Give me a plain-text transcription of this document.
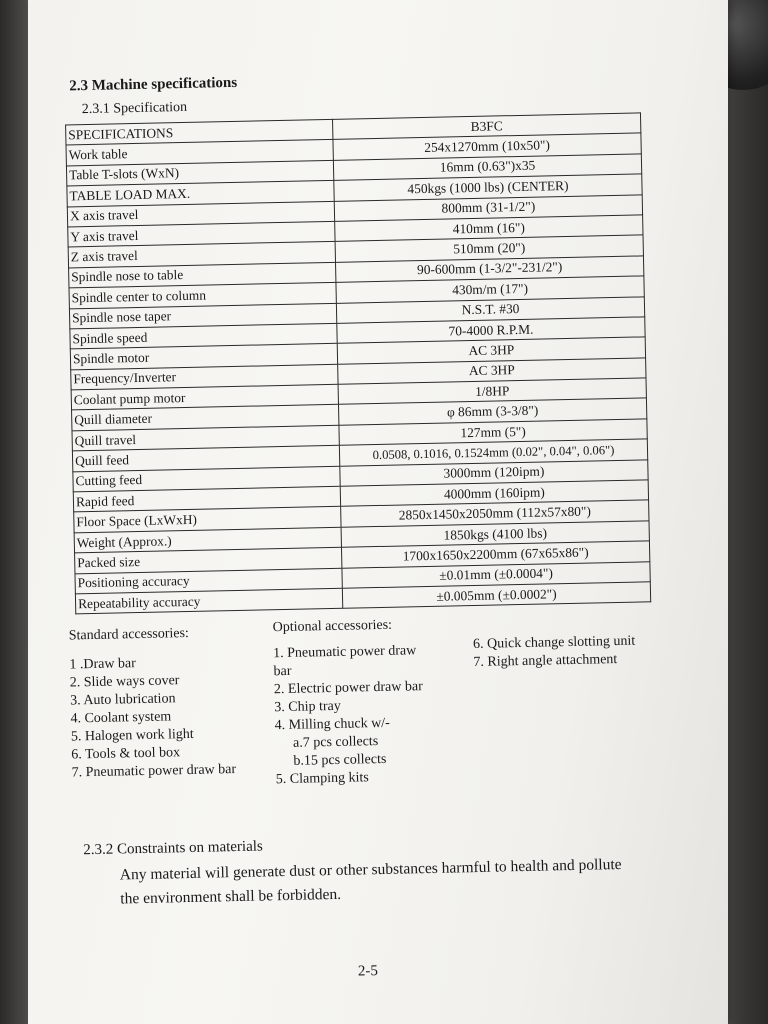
2.3 Machine specifications
2.3.1 Specification
SPECIFICATIONS	B3FC
Work table	254x1270mm (10x50")
Table T-slots (WxN)	16mm (0.63")x35
TABLE LOAD MAX.	450kgs (1000 lbs) (CENTER)
X axis travel	800mm (31-1/2")
Y axis travel	410mm (16")
Z axis travel	510mm (20")
Spindle nose to table	90-600mm (1-3/2"-231/2")
Spindle center to column	430m/m (17")
Spindle nose taper	N.S.T. #30
Spindle speed	70-4000 R.P.M.
Spindle motor	AC 3HP
Frequency/Inverter	AC 3HP
Coolant pump motor	1/8HP
Quill diameter	φ 86mm (3-3/8")
Quill travel	127mm (5")
Quill feed	0.0508, 0.1016, 0.1524mm (0.02", 0.04", 0.06")
Cutting feed	3000mm (120ipm)
Rapid feed	4000mm (160ipm)
Floor Space (LxWxH)	2850x1450x2050mm (112x57x80")
Weight (Approx.)	1850kgs (4100 lbs)
Packed size	1700x1650x2200mm (67x65x86")
Positioning accuracy	±0.01mm (±0.0004")
Repeatability accuracy	±0.005mm (±0.0002")
Standard accessories:
1 .Draw bar
2. Slide ways cover
3. Auto lubrication
4. Coolant system
5. Halogen work light
6. Tools & tool box
7. Pneumatic power draw bar
Optional accessories:
1. Pneumatic power draw
bar
2. Electric power draw bar
3. Chip tray
4. Milling chuck w/-
a.7 pcs collects
b.15 pcs collects
5. Clamping kits
6. Quick change slotting unit
7. Right angle attachment
2.3.2 Constraints on materials
Any material will generate dust or other substances harmful to health and pollute
the environment shall be forbidden.
2-5
